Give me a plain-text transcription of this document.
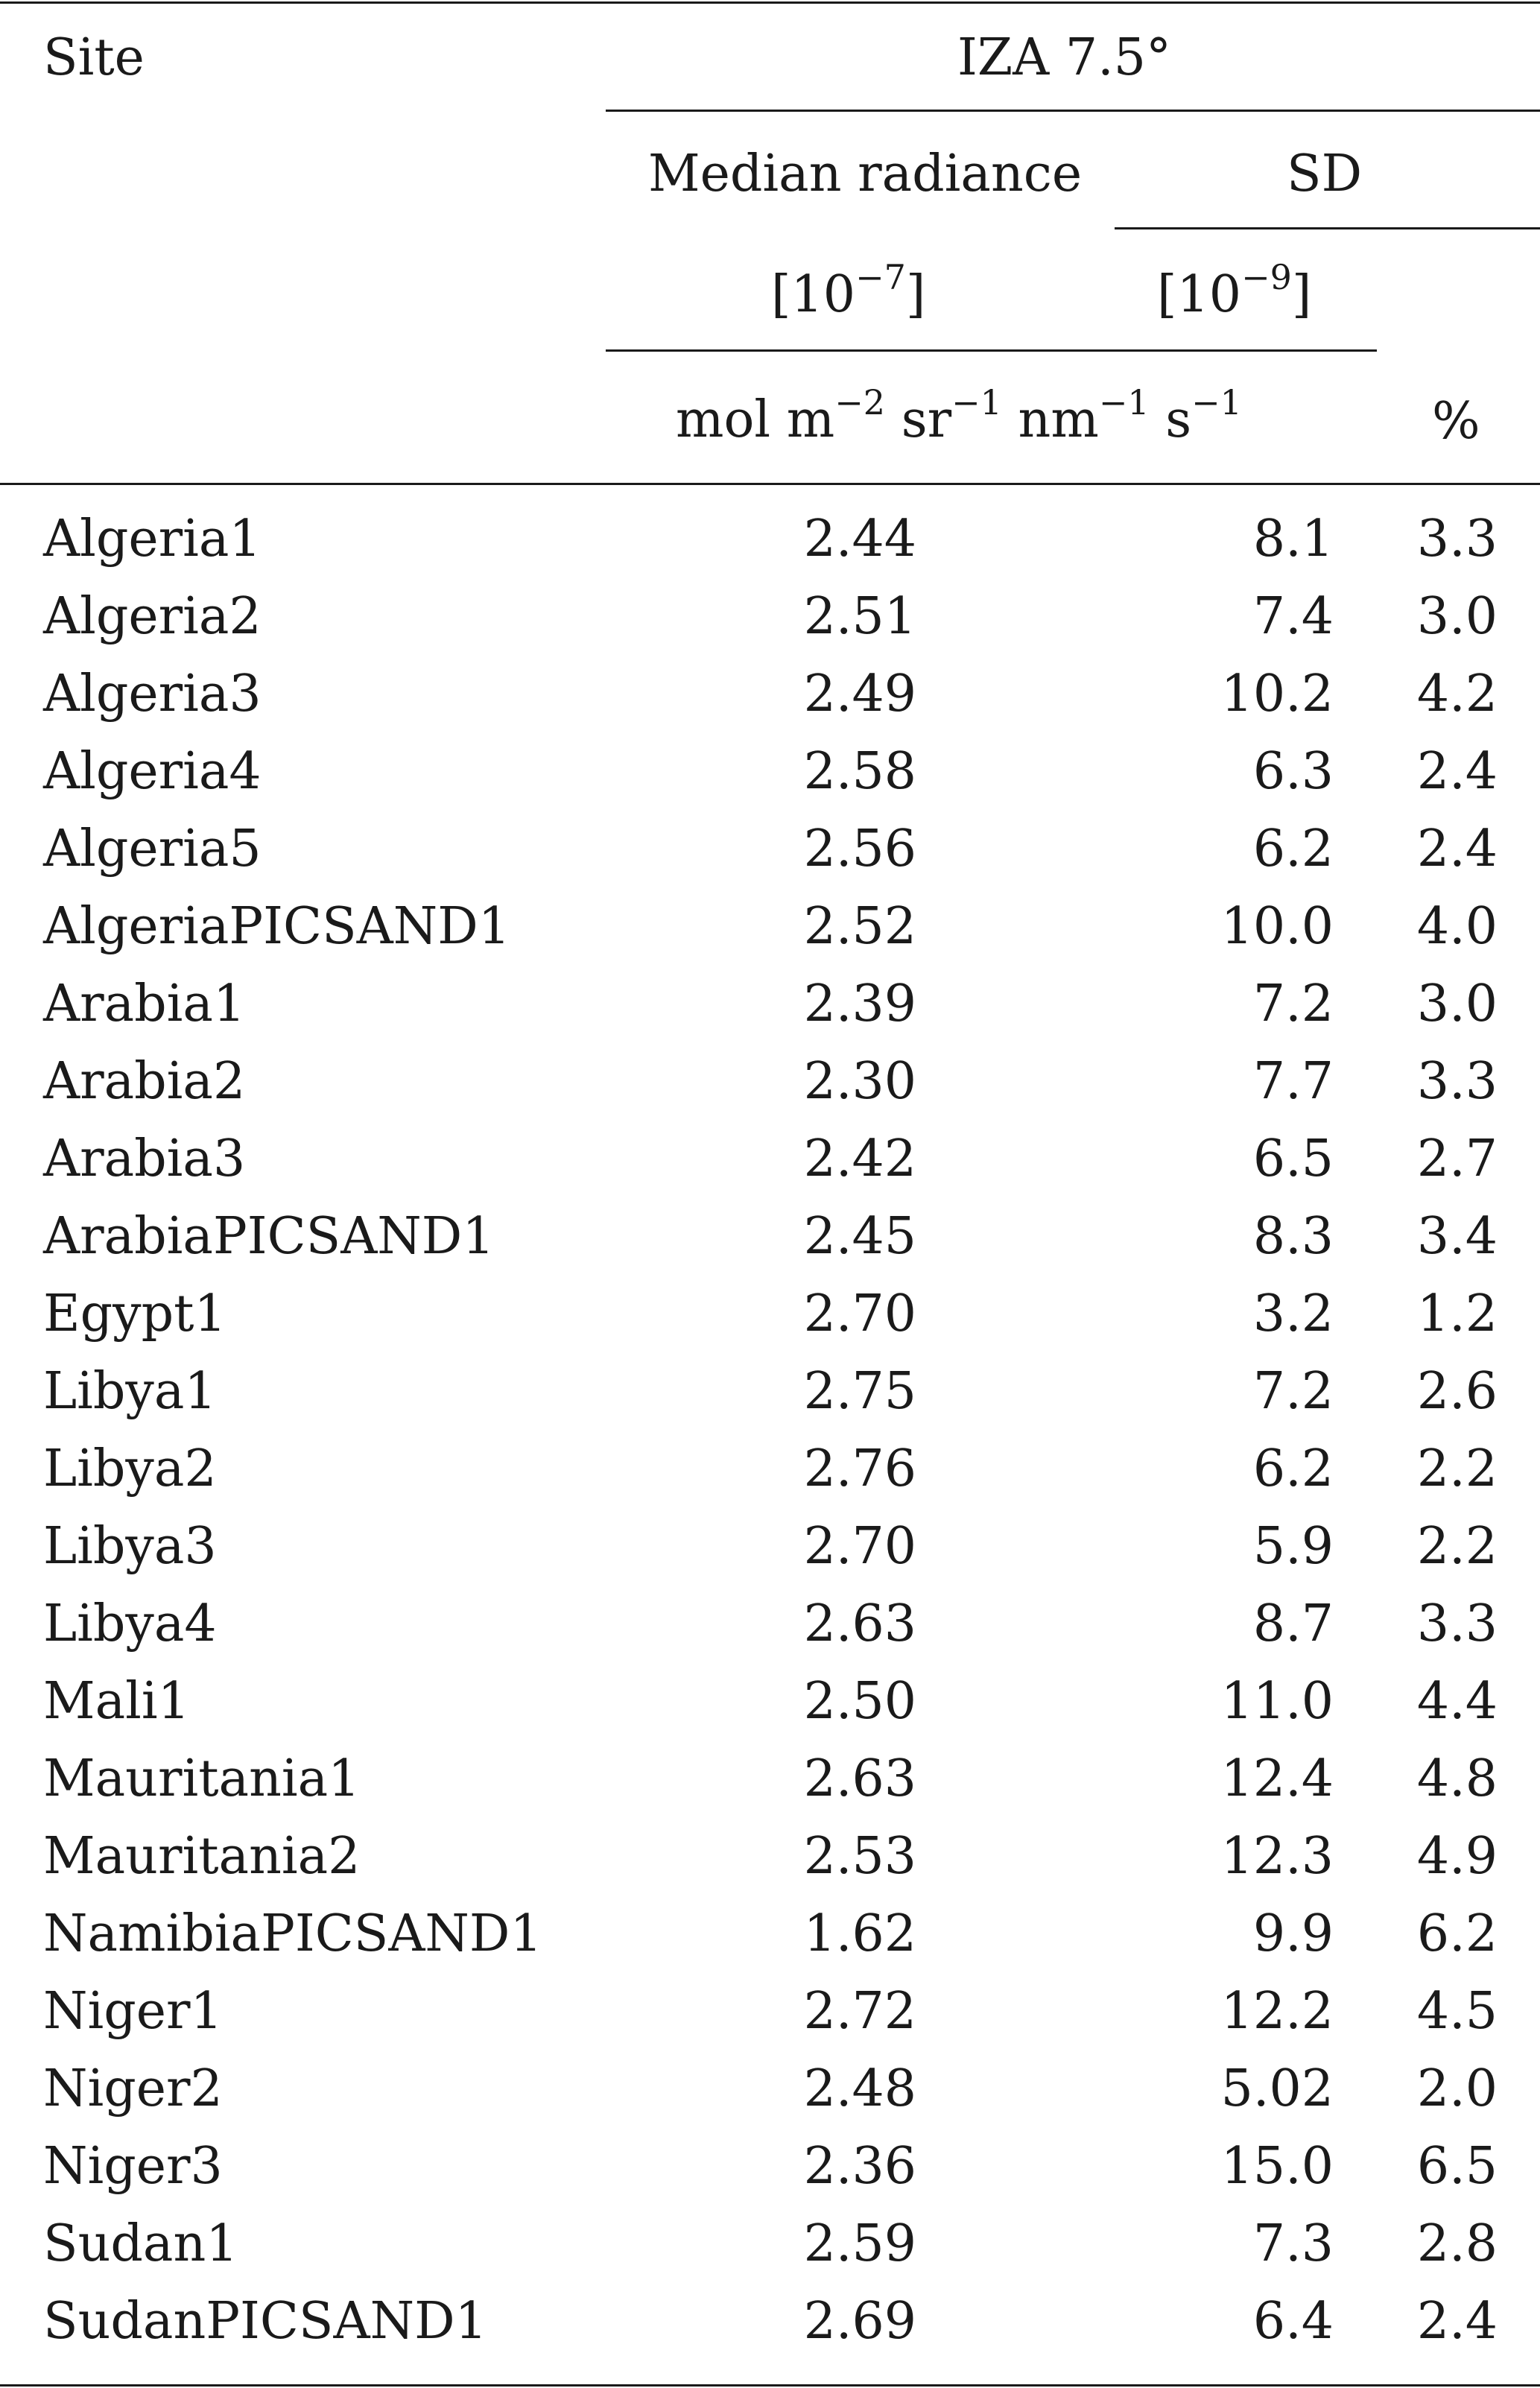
Site	IZA 7.5°
Median radiance	SD
$[10^{-7}]$	$[10^{-9}]$
mol $m^{-2}$ $sr^{-1}$ $nm^{-1}$ $s^{-1}$	%
Algeria1	2.44	8.1	3.3
Algeria2	2.51	7.4	3.0
Algeria3	2.49	10.2	4.2
Algeria4	2.58	6.3	2.4
Algeria5	2.56	6.2	2.4
AlgeriaPICSAND1	2.52	10.0	4.0
Arabia1	2.39	7.2	3.0
Arabia2	2.30	7.7	3.3
Arabia3	2.42	6.5	2.7
ArabiaPICSAND1	2.45	8.3	3.4
Egypt1	2.70	3.2	1.2
Libya1	2.75	7.2	2.6
Libya2	2.76	6.2	2.2
Libya3	2.70	5.9	2.2
Libya4	2.63	8.7	3.3
Mali1	2.50	11.0	4.4
Mauritania1	2.63	12.4	4.8
Mauritania2	2.53	12.3	4.9
NamibiaPICSAND1	1.62	9.9	6.2
Niger1	2.72	12.2	4.5
Niger2	2.48	5.02	2.0
Niger3	2.36	15.0	6.5
Sudan1	2.59	7.3	2.8
SudanPICSAND1	2.69	6.4	2.4
